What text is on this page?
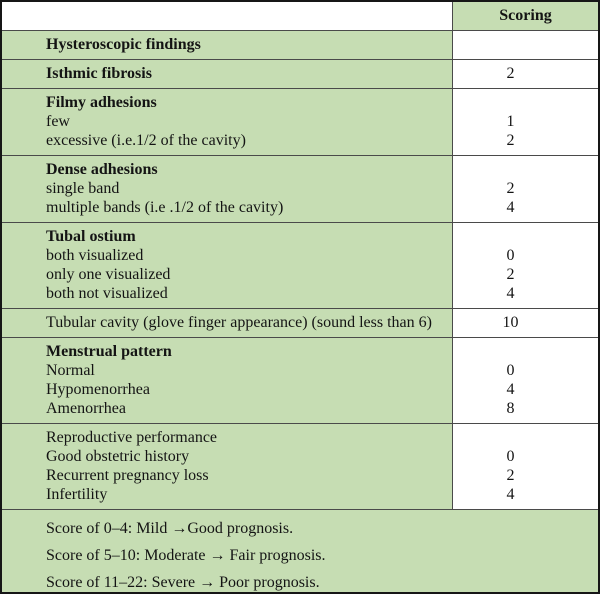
Scoring
Hysteroscopic findings
Isthmic fibrosis	2
Filmy adhesions
few
excessive (i.e.1/2 of the cavity)
1
2
Dense adhesions
single band
multiple bands (i.e .1/2 of the cavity)
2
4
Tubal ostium
both visualized
only one visualized
both not visualized
0
2
4
Tubular cavity (glove finger appearance) (sound less than 6)	10
Menstrual pattern
Normal
Hypomenorrhea
Amenorrhea
0
4
8
Reproductive performance
Good obstetric history
Recurrent pregnancy loss
Infertility
0
2
4
Score of 0–4: Mild →Good prognosis.
Score of 5–10: Moderate → Fair prognosis.
Score of 11–22: Severe → Poor prognosis.
